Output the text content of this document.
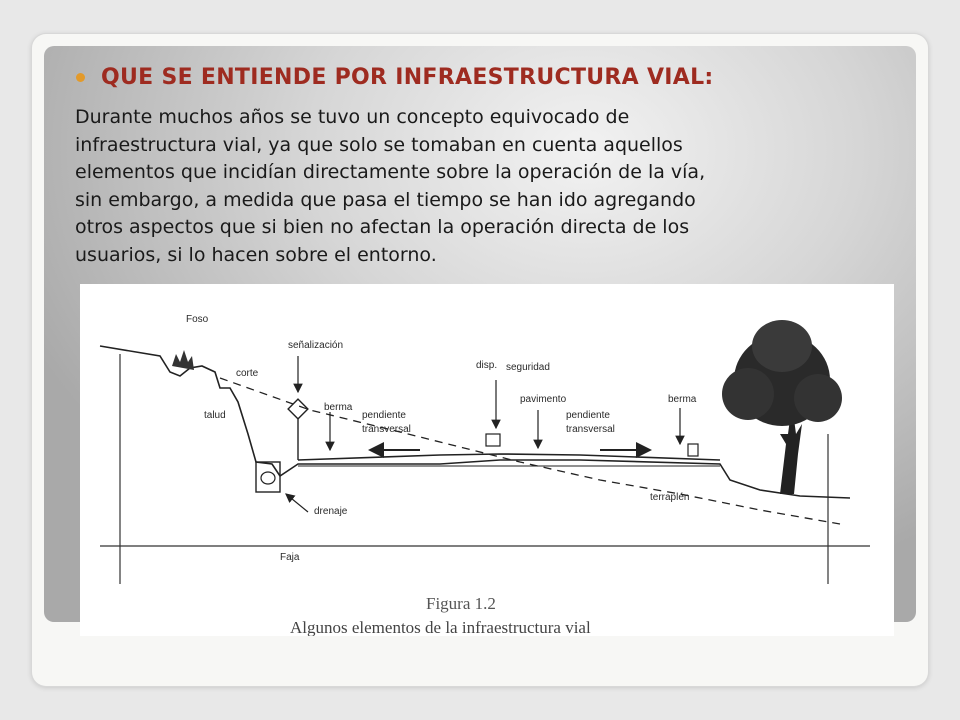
QUE SE ENTIENDE POR INFRAESTRUCTURA VIAL:
Durante muchos años se tuvo un concepto equivocado de
infraestructura vial, ya que solo se tomaban en cuenta aquellos
elementos que incidían directamente sobre la operación de la vía,
sin embargo, a medida que pasa el tiempo se han ido agregando
otros aspectos que si bien no afectan la operación directa de los
usuarios, si lo hacen sobre el entorno.
Foso
señalización
corte
talud
berma
pendiente
transversal
disp. seguridad
pavimento
pendiente
transversal
berma
terraplén
drenaje
Faja
Figura 1.2
Algunos elementos de la infraestructura vial
